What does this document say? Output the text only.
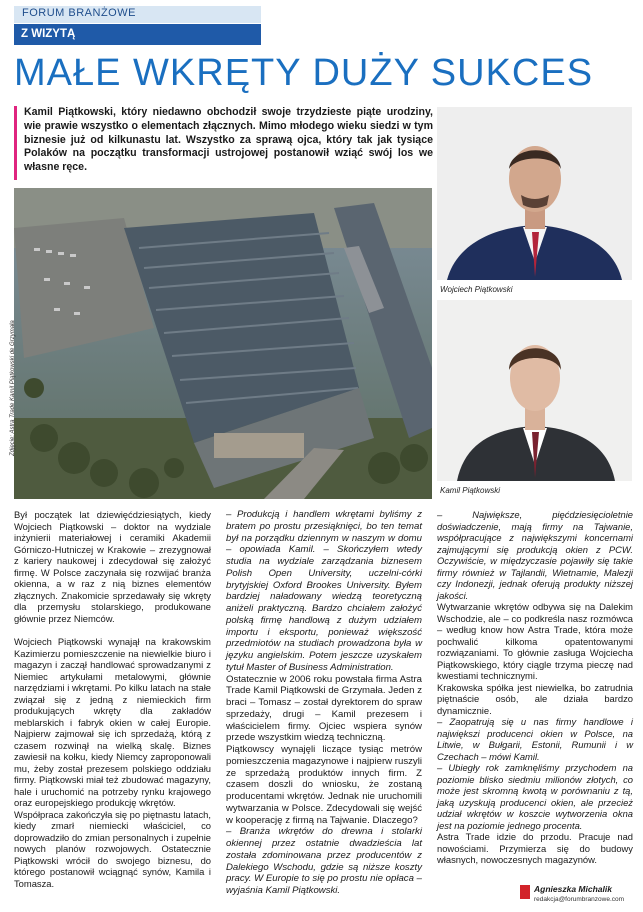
FORUM BRANŻOWE
Z WIZYTĄ
MAŁE WKRĘTY DUŻY SUKCES

Kamil Piątkowski, który niedawno obchodził swoje trzydzieste piąte urodziny, wie prawie wszystko o elementach złącznych. Mimo młodego wieku siedzi w tym biznesie już od kilkunastu lat. Wszystko za sprawą ojca, który tak jak tysiące Polaków na początku transformacji ustrojowej postanowił wziąć swój los we własne ręce.

Zdjęcie: Astra Trade Kamil Piątkowski de Grzymała
Wojciech Piątkowski
Kamil Piątkowski

Był początek lat dziewięćdziesiątych, kiedy Wojciech Piątkowski – doktor na wydziale inżynierii materiałowej i ceramiki Akademii Górniczo-Hutniczej w Krakowie – zrezygnował z kariery naukowej i zdecydował się założyć firmę. W Polsce zaczynała się rozwijać branża okienna, a w raz z nią biznes elementów złącznych. Znakomicie sprzedawały się wkręty dla przemysłu stolarskiego, produkowane głównie przez Niemców.

Wojciech Piątkowski wynajął na krakowskim Kazimierzu pomieszczenie na niewielkie biuro i magazyn i zaczął handlować sprowadzanymi z Niemiec artykułami metalowymi, głównie narzędziami i wkrętami. Po kilku latach na stałe związał się z jedną z niemieckich firm produkujących wkręty dla zakładów meblarskich i fabryk okien w całej Europie. Najpierw zajmował się ich sprzedażą, którą z czasem rozwinął na wielką skalę. Biznes zawiesił na kołku, kiedy Niemcy zaproponowali mu, żeby został prezesem polskiego oddziału firmy. Piątkowski miał też zbudować magazyny, hale i uruchomić na potrzeby rynku krajowego oraz europejskiego produkcję wkrętów.

Współpraca zakończyła się po piętnastu latach, kiedy zmarł niemiecki właściciel, co doprowadziło do zmian personalnych i zupełnie nowych planów rozwojowych. Ostatecznie Piątkowski wrócił do swojego biznesu, do którego postanowił wciągnąć synów, Kamila i Tomasza.

– Produkcją i handlem wkrętami byliśmy z bratem po prostu przesiąknięci, bo ten temat był na porządku dziennym w naszym w domu – opowiada Kamil. – Skończyłem wtedy studia na wydziale zarządzania biznesem Polish Open University, uczelni-córki brytyjskiej Oxford Brookes University. Byłem bardziej naładowany wiedzą teoretyczną aniżeli praktyczną. Bardzo chciałem założyć polską firmę handlową z dużym udziałem importu i eksportu, ponieważ większość przedmiotów na studiach prowadzona była w języku angielskim. Potem jeszcze uzyskałem tytuł Master of Business Administration.

Ostatecznie w 2006 roku powstała firma Astra Trade Kamil Piątkowski de Grzymała. Jeden z braci – Tomasz – został dyrektorem do spraw sprzedaży, drugi – Kamil prezesem i właścicielem firmy. Ojciec wspiera synów przede wszystkim wiedzą techniczną.

Piątkowscy wynajęli liczące tysiąc metrów pomieszczenia magazynowe i najpierw ruszyli ze sprzedażą produktów innych firm. Z czasem doszli do wniosku, że zostaną producentami wkrętów. Jednak nie uruchomili wytwarzania w Polsce. Zdecydowali się wejść w kooperację z firmą na Tajwanie. Dlaczego?

– Branża wkrętów do drewna i stolarki okiennej przez ostatnie dwadzieścia lat została zdominowana przez producentów z Dalekiego Wschodu, gdzie są niższe koszty pracy. W Europie to się po prostu nie opłaca – wyjaśnia Kamil Piątkowski.

– Największe, pięćdziesięcioletnie doświadczenie, mają firmy na Tajwanie, współpracujące z największymi koncernami zajmującymi się produkcją okien z PCW. Oczywiście, w międzyczasie pojawiły się takie firmy również w Tajlandii, Wietnamie, Malezji czy Indonezji, jednak oferują produkty niższej jakości.

Wytwarzanie wkrętów odbywa się na Dalekim Wschodzie, ale – co podkreśla nasz rozmówca – według know how Astra Trade, która może pochwalić kilkoma opatentowanymi rozwiązaniami. To głównie zasługa Wojciecha Piątkowskiego, który ciągle trzyma pieczę nad kwestiami technicznymi.

Krakowska spółka jest niewielka, bo zatrudnia piętnaście osób, ale działa bardzo dynamicznie.

– Zaopatrują się u nas firmy handlowe i największi producenci okien w Polsce, na Litwie, w Bułgarii, Estonii, Rumunii i w Czechach – mówi Kamil.

– Ubiegły rok zamknęliśmy przychodem na poziomie blisko siedmiu milionów złotych, co może jest skromną kwotą w porównaniu z tą, jaką uzyskują producenci okien, ale przecież udział wkrętów w koszcie wytworzenia okna jest na poziomie jednego procenta.

Astra Trade idzie do przodu. Pracuje nad nowościami. Przymierza się do budowy własnych, nowoczesnych magazynów.

Agnieszka Michalik
redakcja@forumbranzowe.com
